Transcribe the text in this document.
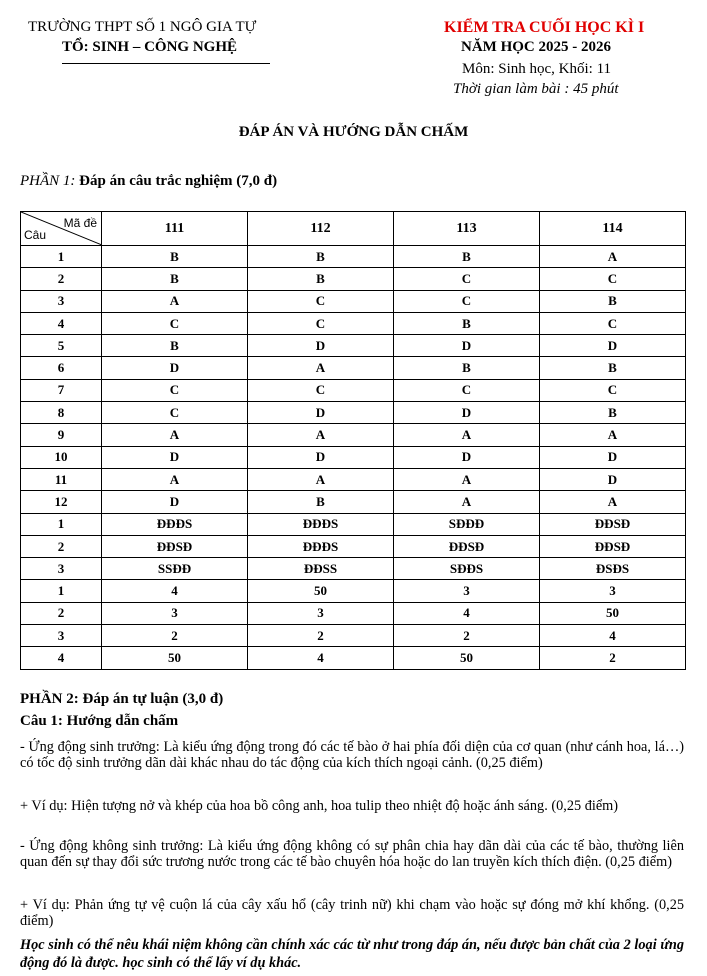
TRƯỜNG THPT SỐ 1 NGÔ GIA TỰ
TỔ: SINH – CÔNG NGHỆ
KIỂM TRA CUỐI HỌC KÌ I
NĂM HỌC 2025 - 2026
Môn: Sinh học, Khối: 11
Thời gian làm bài : 45 phút
ĐÁP ÁN VÀ HƯỚNG DẪN CHẤM
PHẦN 1: Đáp án câu trắc nghiệm (7,0 đ)
Mã đề
Câu	111	112	113	114
1	B	B	B	A
2	B	B	C	C
3	A	C	C	B
4	C	C	B	C
5	B	D	D	D
6	D	A	B	B
7	C	C	C	C
8	C	D	D	B
9	A	A	A	A
10	D	D	D	D
11	A	A	A	D
12	D	B	A	A
1	ĐĐĐS	ĐĐĐS	SĐĐĐ	ĐĐSĐ
2	ĐĐSĐ	ĐĐĐS	ĐĐSĐ	ĐĐSĐ
3	SSĐĐ	ĐĐSS	SĐĐS	ĐSĐS
1	4	50	3	3
2	3	3	4	50
3	2	2	2	4
4	50	4	50	2
PHẦN 2: Đáp án tự luận (3,0 đ)
Câu 1: Hướng dẫn chấm
- Ứng động sinh trưởng: Là kiểu ứng động trong đó các tế bào ở hai phía đối diện của cơ quan (như cánh hoa, lá…) có tốc độ sinh trưởng dãn dài khác nhau do tác động của kích thích ngoại cảnh. (0,25 điểm)
+ Ví dụ: Hiện tượng nở và khép của hoa bồ công anh, hoa tulip theo nhiệt độ hoặc ánh sáng. (0,25 điểm)
- Ứng động không sinh trưởng: Là kiểu ứng động không có sự phân chia hay dãn dài của các tế bào, thường liên quan đến sự thay đổi sức trương nước trong các tế bào chuyên hóa hoặc do lan truyền kích thích điện. (0,25 điểm)
+ Ví dụ: Phản ứng tự vệ cuộn lá của cây xấu hổ (cây trinh nữ) khi chạm vào hoặc sự đóng mở khí khổng. (0,25 điểm)
Học sinh có thể nêu khái niệm không cần chính xác các từ như trong đáp án, nếu được bản chất của 2 loại ứng động đó là được. học sinh có thể lấy ví dụ khác.
